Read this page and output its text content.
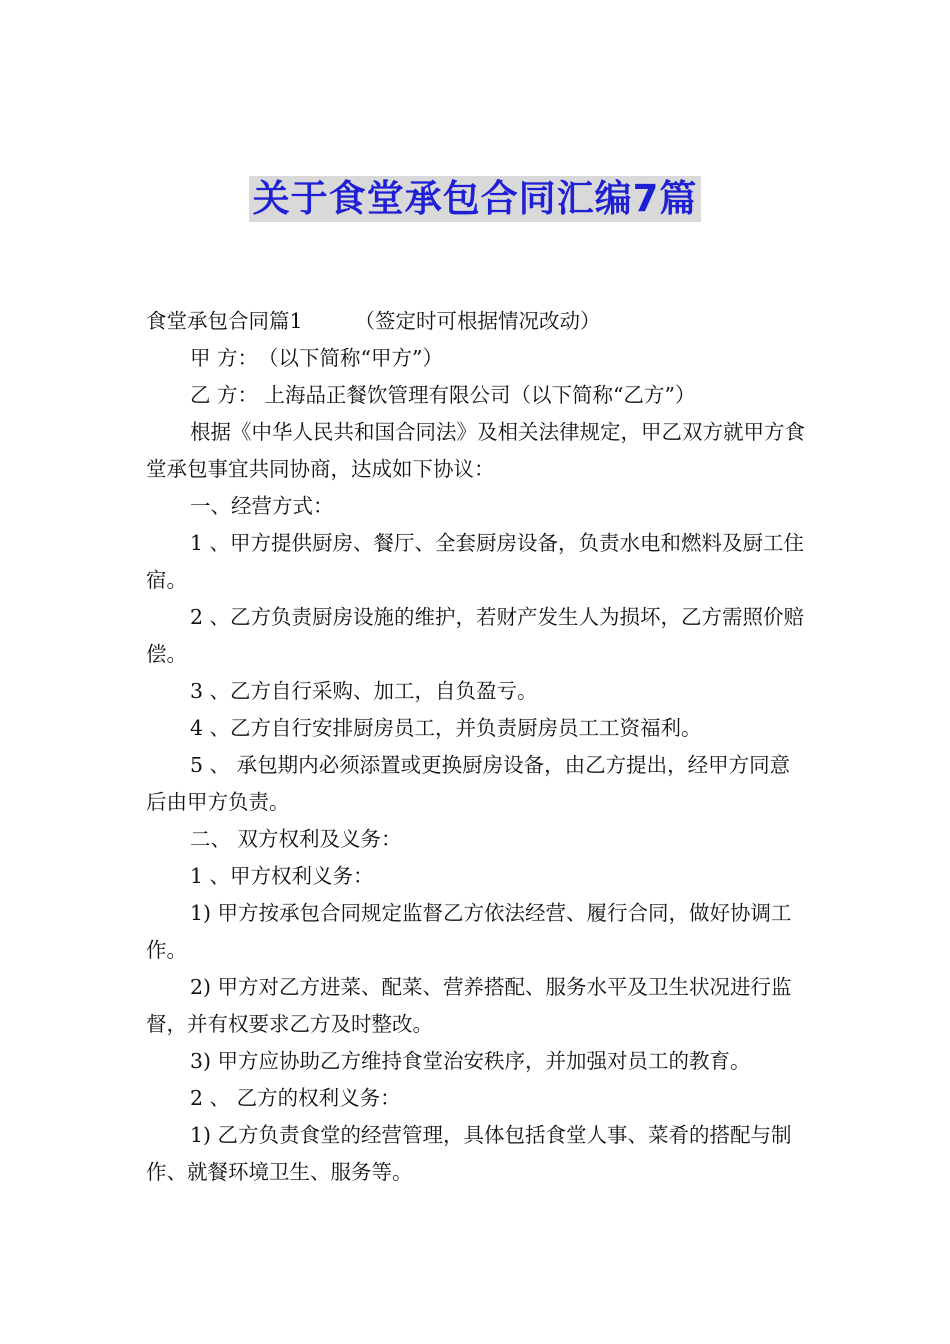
关于食堂承包合同汇编7篇

食堂承包合同篇1	（签定时可根据情况改动）

甲 方：　（以下简称“甲方”）

乙 方： 上海品正餐饮管理有限公司（以下简称“乙方”）

根据《中华人民共和国合同法》及相关法律规定，甲乙双方就甲方食堂承包事宜共同协商，达成如下协议：

一、经营方式：

1 、甲方提供厨房、餐厅、全套厨房设备，负责水电和燃料及厨工住宿。

2 、乙方负责厨房设施的维护，若财产发生人为损坏，乙方需照价赔偿。

3 、乙方自行采购、加工，自负盈亏。

4 、乙方自行安排厨房员工，并负责厨房员工工资福利。

5 、 承包期内必须添置或更换厨房设备，由乙方提出，经甲方同意后由甲方负责。

二、 双方权利及义务：

1 、甲方权利义务：

1) 甲方按承包合同规定监督乙方依法经营、履行合同，做好协调工作。

2) 甲方对乙方进菜、配菜、营养搭配、服务水平及卫生状况进行监督，并有权要求乙方及时整改。

3) 甲方应协助乙方维持食堂治安秩序，并加强对员工的教育。

2 、 乙方的权利义务：

1) 乙方负责食堂的经营管理，具体包括食堂人事、菜肴的搭配与制作、就餐环境卫生、服务等。
